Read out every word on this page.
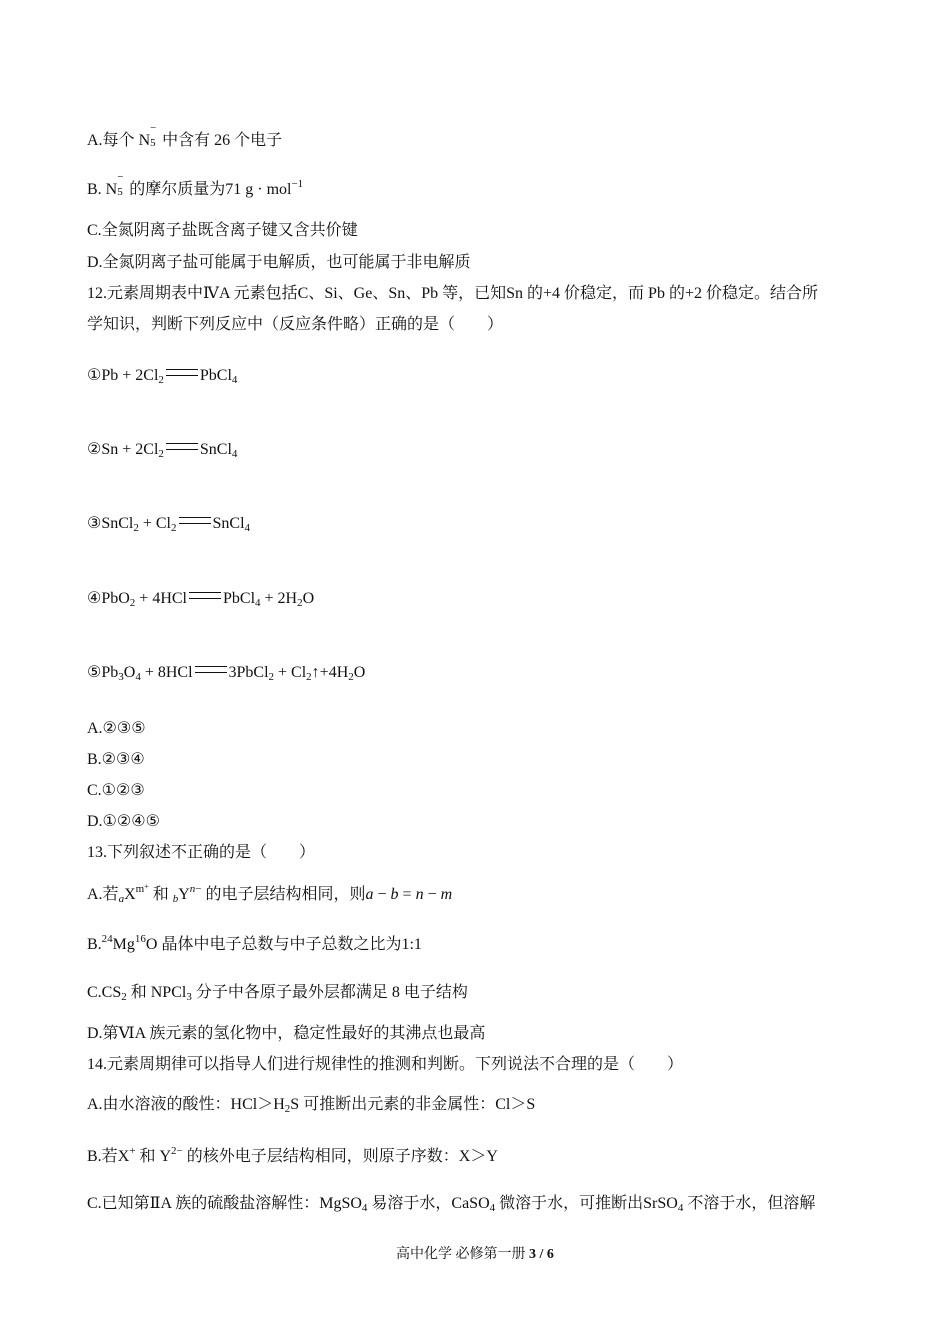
A.每个 N
−
5 中含有 26 个电子
B. N
−
5 的摩尔质量为71 g · mol$^{-1}$
C.全氮阴离子盐既含离子键又含共价键
D.全氮阴离子盐可能属于电解质，也可能属于非电解质
12.元素周期表中ⅣA 元素包括C、Si、Ge、Sn、Pb 等，已知Sn 的+4 价稳定，而 Pb 的+2 价稳定。结合所
学知识，判断下列反应中（反应条件略）正确的是（　　）
①Pb + $2Cl_2$ PbCl$_4$
②Sn + $2Cl_2$ SnCl$_4$
③SnCl$_2$ + $Cl_2$ SnCl$_4$
④PbO$_2$ + 4HCl PbCl$_4$ + $2H_2O$
$⑤Pb_3O_4 + 8HCl$ 3PbCl$_2$ + $Cl_2↑+4H_2O$
A.②③⑤
B.②③④
C.①②③
D.①②④⑤
13.下列叙述不正确的是（　　）
A.若$_aX^{m^+}$ 和 $_bY^{n-}$ 的电子层结构相同，则a − b = n − m
B.$^{24}$Mg$^{16}$O 晶体中电子总数与中子总数之比为1:1
$C.CS_2$ 和 NPCl$_3$ 分子中各原子最外层都满足 8 电子结构
D.第ⅥA 族元素的氢化物中，稳定性最好的其沸点也最高
14.元素周期律可以指导人们进行规律性的推测和判断。下列说法不合理的是（　　）
A.由水溶液的酸性：$HCl>H_2S$ 可推断出元素的非金属性：Cl＞S
B.若X+ 和 $Y^{2-}$ 的核外电子层结构相同，则原子序数：X＞Y
C.已知第ⅡA 族的硫酸盐溶解性：MgSO$_4$ 易溶于水，CaSO$_4$ 微溶于水，可推断出SrSO$_4$ 不溶于水，但溶解
高中化学 必修第一册 3 / 6
